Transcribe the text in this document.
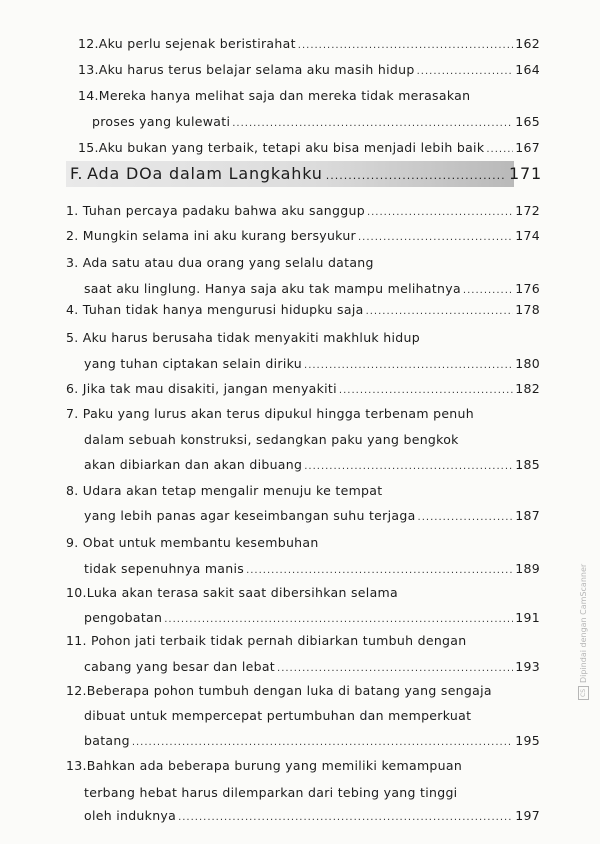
12.Aku perlu sejenak beristirahat .....	162
13.Aku harus terus belajar selama aku masih hidup .....	164
14.Mereka hanya melihat saja dan mereka tidak merasakan
proses yang kulewati .....	165
15.Aku bukan yang terbaik, tetapi aku bisa menjadi lebih baik ..... 167
F. Ada DOa dalam Langkahku .....	171
1. Tuhan percaya padaku bahwa aku sanggup .....	172
2. Mungkin selama ini aku kurang bersyukur .....	174
3. Ada satu atau dua orang yang selalu datang
saat aku linglung. Hanya saja aku tak mampu melihatnya .....	176
4. Tuhan tidak hanya mengurusi hidupku saja .....	178
5. Aku harus berusaha tidak menyakiti makhluk hidup
yang tuhan ciptakan selain diriku .....	180
6. Jika tak mau disakiti, jangan menyakiti .....	182
7. Paku yang lurus akan terus dipukul hingga terbenam penuh
dalam sebuah konstruksi, sedangkan paku yang bengkok
akan dibiarkan dan akan dibuang .....	185
8. Udara akan tetap mengalir menuju ke tempat
yang lebih panas agar keseimbangan suhu terjaga .....	187
9. Obat untuk membantu kesembuhan
tidak sepenuhnya manis .....	189
10.Luka akan terasa sakit saat dibersihkan selama
pengobatan .....	191
11. Pohon jati terbaik tidak pernah dibiarkan tumbuh dengan
cabang yang besar dan lebat .....	193
12.Beberapa pohon tumbuh dengan luka di batang yang sengaja
dibuat untuk mempercepat pertumbuhan dan memperkuat
batang .....	195
13.Bahkan ada beberapa burung yang memiliki kemampuan
terbang hebat harus dilemparkan dari tebing yang tinggi
oleh induknya .....	197
CS
Dipindai dengan CamScanner
